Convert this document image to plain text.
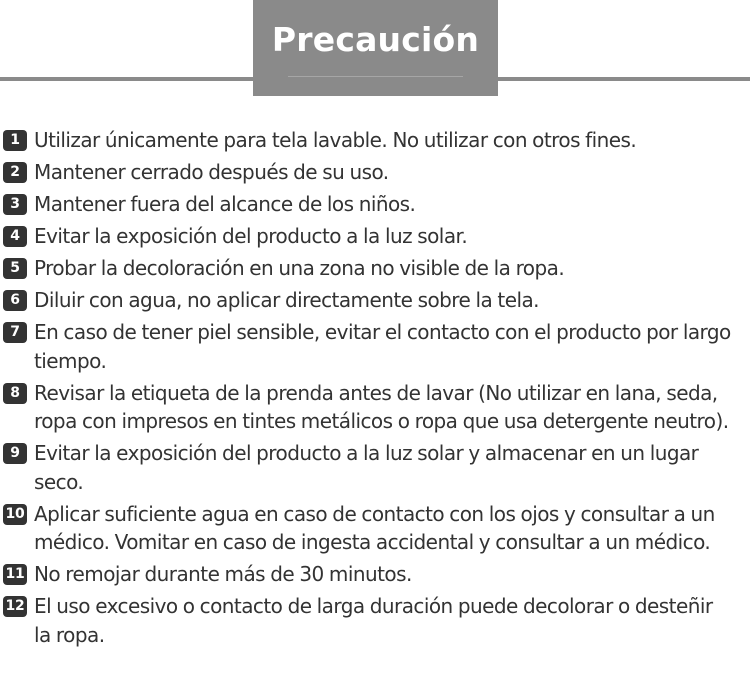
Precaución
1 Utilizar únicamente para tela lavable. No utilizar con otros fines.
2 Mantener cerrado después de su uso.
3 Mantener fuera del alcance de los niños.
4 Evitar la exposición del producto a la luz solar.
5 Probar la decoloración en una zona no visible de la ropa.
6 Diluir con agua, no aplicar directamente sobre la tela.
7 En caso de tener piel sensible, evitar el contacto con el producto por largo
tiempo.
8 Revisar la etiqueta de la prenda antes de lavar (No utilizar en lana, seda,
ropa con impresos en tintes metálicos o ropa que usa detergente neutro).
9 Evitar la exposición del producto a la luz solar y almacenar en un lugar
seco.
10 Aplicar suficiente agua en caso de contacto con los ojos y consultar a un
médico. Vomitar en caso de ingesta accidental y consultar a un médico.
11 No remojar durante más de 30 minutos.
12 El uso excesivo o contacto de larga duración puede decolorar o desteñir
la ropa.
